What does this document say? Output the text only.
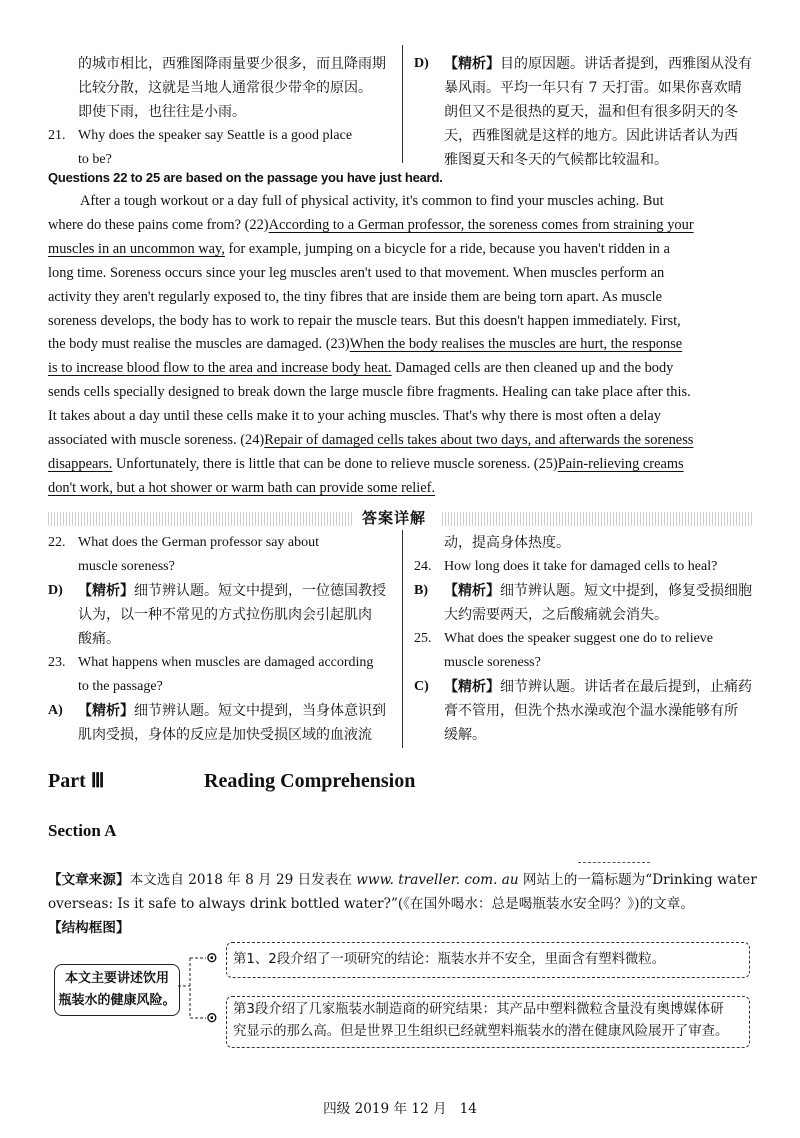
的城市相比，西雅图降雨量要少很多，而且降雨期
比较分散，这就是当地人通常很少带伞的原因。
即使下雨，也往往是小雨。
21. Why does the speaker say Seattle is a good place
to be?
D) 【精析】目的原因题。讲话者提到，西雅图从没有
暴风雨。平均一年只有 7 天打雷。如果你喜欢晴
朗但又不是很热的夏天，温和但有很多阴天的冬
天，西雅图就是这样的地方。因此讲话者认为西
雅图夏天和冬天的气候都比较温和。
Questions 22 to 25 are based on the passage you have just heard.
After a tough workout or a day full of physical activity, it's common to find your muscles aching. But
where do these pains come from? (22)According to a German professor, the soreness comes from straining your
muscles in an uncommon way, for example, jumping on a bicycle for a ride, because you haven't ridden in a
long time. Soreness occurs since your leg muscles aren't used to that movement. When muscles perform an
activity they aren't regularly exposed to, the tiny fibres that are inside them are being torn apart. As muscle
soreness develops, the body has to work to repair the muscle tears. But this doesn't happen immediately. First,
the body must realise the muscles are damaged. (23)When the body realises the muscles are hurt, the response
is to increase blood flow to the area and increase body heat. Damaged cells are then cleaned up and the body
sends cells specially designed to break down the large muscle fibre fragments. Healing can take place after this.
It takes about a day until these cells make it to your aching muscles. That's why there is most often a delay
associated with muscle soreness. (24)Repair of damaged cells takes about two days, and afterwards the soreness
disappears. Unfortunately, there is little that can be done to relieve muscle soreness. (25)Pain-relieving creams
don't work, but a hot shower or warm bath can provide some relief.
答案详解
22. What does the German professor say about
muscle soreness?
D) 【精析】细节辨认题。短文中提到，一位德国教授
认为，以一种不常见的方式拉伤肌肉会引起肌肉
酸痛。
23. What happens when muscles are damaged according
to the passage?
A) 【精析】细节辨认题。短文中提到，当身体意识到
肌肉受损，身体的反应是加快受损区域的血液流
动，提高身体热度。
24. How long does it take for damaged cells to heal?
B) 【精析】细节辨认题。短文中提到，修复受损细胞
大约需要两天，之后酸痛就会消失。
25. What does the speaker suggest one do to relieve
muscle soreness?
C) 【精析】细节辨认题。讲话者在最后提到，止痛药
膏不管用，但洗个热水澡或泡个温水澡能够有所
缓解。
Part Ⅲ	Reading Comprehension
Section A
【文章来源】本文选自 2018 年 8 月 29 日发表在 www. traveller. com. au 网站上的一篇标题为“Drinking water
overseas: Is it safe to always drink bottled water?”(《在国外喝水：总是喝瓶装水安全吗？》)的文章。
【结构框图】
本文主要讲述饮用
瓶装水的健康风险。
⊙
⊙
第1、2段介绍了一项研究的结论：瓶装水并不安全，里面含有塑料微粒。
第3段介绍了几家瓶装水制造商的研究结果：其产品中塑料微粒含量没有奥博媒体研
究显示的那么高。但是世界卫生组织已经就塑料瓶装水的潜在健康风险展开了审查。
四级 2019 年 12 月   14
